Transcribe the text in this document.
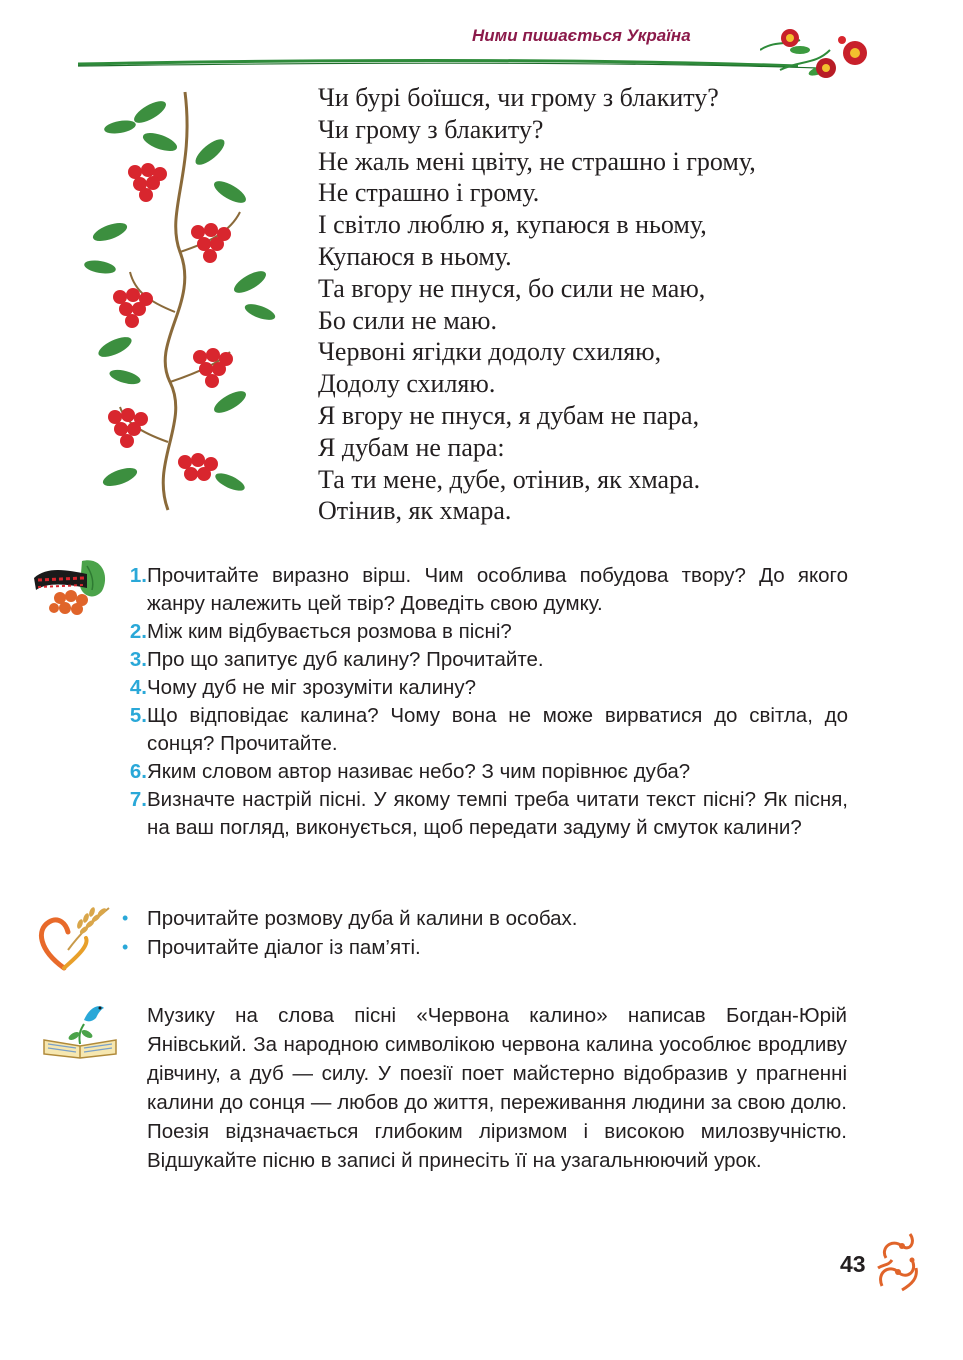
Ними пишається Україна
Чи бурі боїшся, чи грому з блакиту?
Чи грому з блакиту?
Не жаль мені цвіту, не страшно і грому,
Не страшно і грому.
І світло люблю я, купаюся в ньому,
Купаюся в ньому.
Та вгору не пнуся, бо сили не маю,
Бо сили не маю.
Червоні ягідки додолу схиляю,
Додолу схиляю.
Я вгору не пнуся, я дубам не пара,
Я дубам не пара:
Та ти мене, дубе, отінив, як хмара.
Отінив, як хмара.
1. Прочитайте виразно вірш. Чим особлива побудова твору? До якого жанру належить цей твір? Доведіть свою думку.
2. Між ким відбувається розмова в пісні?
3. Про що запитує дуб калину? Прочитайте.
4. Чому дуб не міг зрозуміти калину?
5. Що відповідає калина? Чому вона не може вирватися до світла, до сонця? Прочитайте.
6. Яким словом автор називає небо? З чим порівнює дуба?
7. Визначте настрій пісні. У якому темпі треба читати текст пісні? Як пісня, на ваш погляд, виконується, щоб передати задуму й смуток калини?
• Прочитайте розмову дуба й калини в особах.
• Прочитайте діалог із пам’яті.
Музику на слова пісні «Червона калино» написав Богдан-Юрій Янівський. За народною символікою червона калина уособлює вродливу дівчину, а дуб — силу. У поезії поет майстерно відобразив у прагненні калини до сонця — любов до життя, переживання людини за свою долю. Поезія відзначається глибоким ліризмом і високою милозвучністю. Відшукайте пісню в записі й принесіть її на узагальнюючий урок.
43
